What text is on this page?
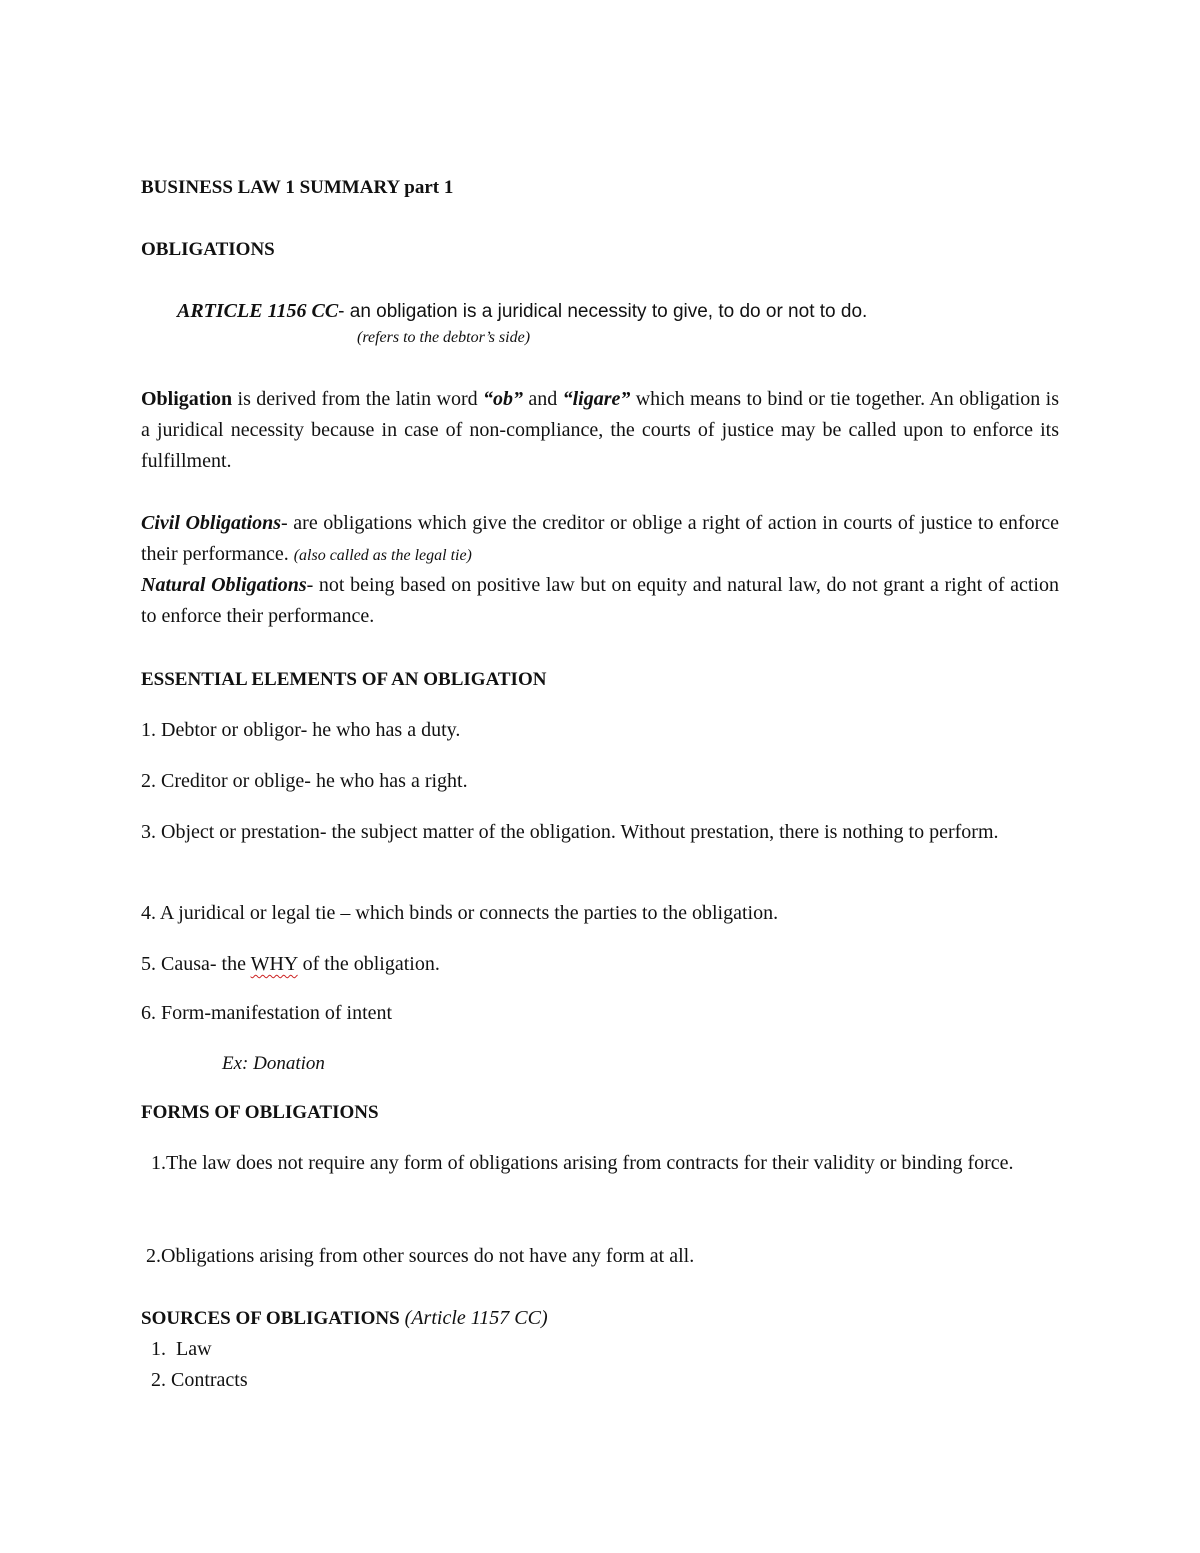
BUSINESS LAW 1 SUMMARY part 1
OBLIGATIONS
ARTICLE 1156 CC- an obligation is a juridical necessity to give, to do or not to do.
(refers to the debtor’s side)
Obligation is derived from the latin word “ob” and “ligare” which means to bind or tie together. An obligation is a juridical necessity because in case of non-compliance, the courts of justice may be called upon to enforce its fulfillment.
Civil Obligations- are obligations which give the creditor or oblige a right of action in courts of justice to enforce their performance. (also called as the legal tie)
Natural Obligations- not being based on positive law but on equity and natural law, do not grant a right of action to enforce their performance.
ESSENTIAL ELEMENTS OF AN OBLIGATION
1. Debtor or obligor- he who has a duty.
2. Creditor or oblige- he who has a right.
3. Object or prestation- the subject matter of the obligation. Without prestation, there is nothing to perform.
4. A juridical or legal tie – which binds or connects the parties to the obligation.
5. Causa- the WHY of the obligation.
6. Form-manifestation of intent
Ex: Donation
FORMS OF OBLIGATIONS
1.The law does not require any form of obligations arising from contracts for their validity or binding force.
2.Obligations arising from other sources do not have any form at all.
SOURCES OF OBLIGATIONS (Article 1157 CC)
1.  Law
2. Contracts
